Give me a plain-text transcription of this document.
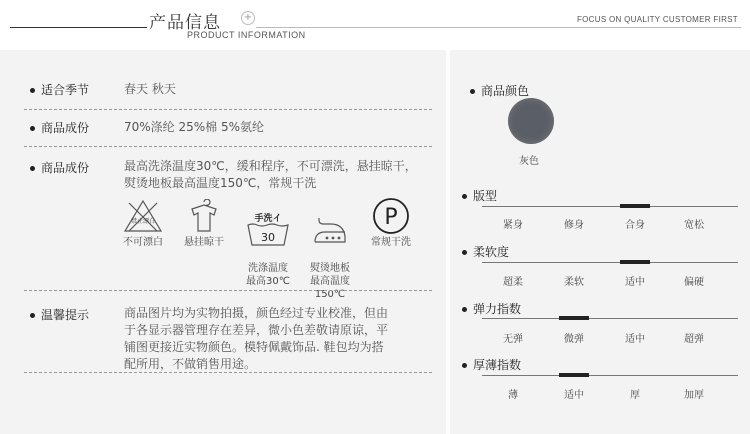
产品信息 +
PRODUCT INFORMATION
FOCUS ON QUALITY CUSTOMER FIRST
适合季节	春天 秋天
商品成份	70%涤纶 25%棉 5%氨纶
商品成份	最高洗涤温度30℃，缓和程序，不可漂洗，悬挂晾干，熨烫地板最高温度150℃，常规干洗
禁止漂白
不可漂白	悬挂晾干

手洗イ
30

洗涤温度
最高30℃

熨烫地板
最高温度
150℃

P
常规干洗
温馨提示	商品图片均为实物拍摄，颜色经过专业校准，但由于各显示器管理存在差异，微小色差敬请原谅，平铺图更接近实物颜色。模特佩戴饰品. 鞋包均为搭配所用，不做销售用途。
商品颜色
灰色
版型
紧身	修身	合身	宽松
柔软度
超柔	柔软	适中	偏硬
弹力指数
无弹	微弹	适中	超弹
厚薄指数
薄	适中	厚	加厚
